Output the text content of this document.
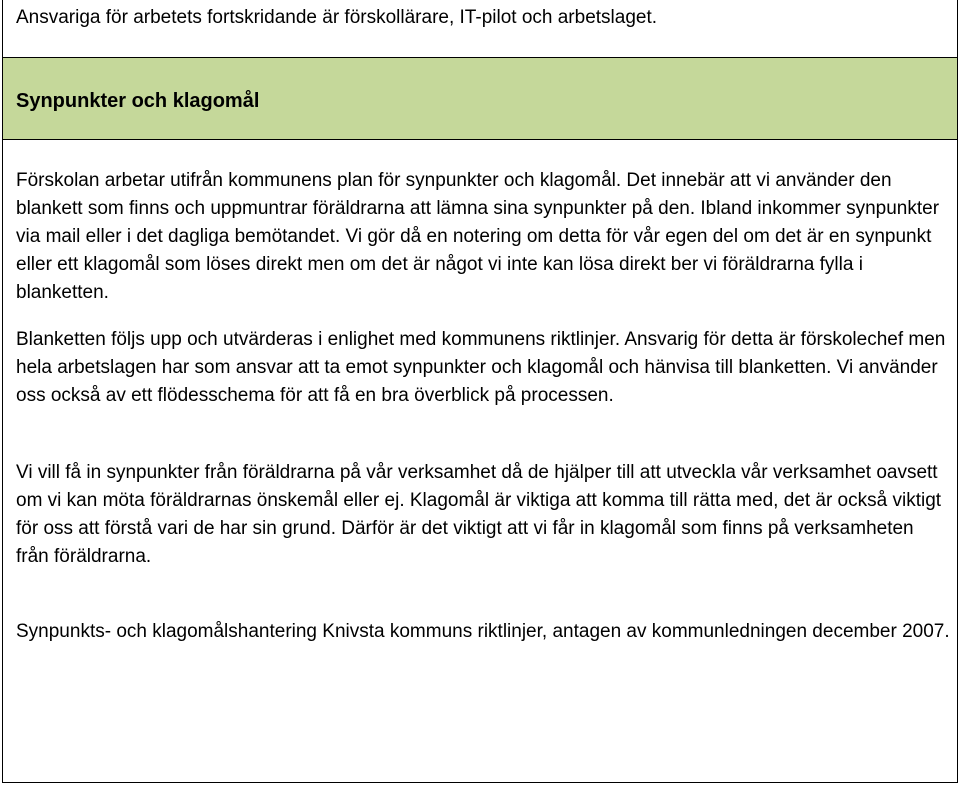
Ansvariga för arbetets fortskridande är förskollärare, IT-pilot och arbetslaget.

Synpunkter och klagomål

Förskolan arbetar utifrån kommunens plan för synpunkter och klagomål. Det innebär att vi använder den blankett som finns och uppmuntrar föräldrarna att lämna sina synpunkter på den. Ibland inkommer synpunkter via mail eller i det dagliga bemötandet. Vi gör då en notering om detta för vår egen del om det är en synpunkt eller ett klagomål som löses direkt men om det är något vi inte kan lösa direkt ber vi föräldrarna fylla i blanketten.

Blanketten följs upp och utvärderas i enlighet med kommunens riktlinjer. Ansvarig för detta är förskolechef men hela arbetslagen har som ansvar att ta emot synpunkter och klagomål och hänvisa till blanketten. Vi använder oss också av ett flödesschema för att få en bra överblick på processen.

Vi vill få in synpunkter från föräldrarna på vår verksamhet då de hjälper till att utveckla vår verksamhet oavsett om vi kan möta föräldrarnas önskemål eller ej. Klagomål är viktiga att komma till rätta med, det är också viktigt för oss att förstå vari de har sin grund. Därför är det viktigt att vi får in klagomål som finns på verksamheten från föräldrarna.

Synpunkts- och klagomålshantering Knivsta kommuns riktlinjer, antagen av kommunledningen december 2007.
